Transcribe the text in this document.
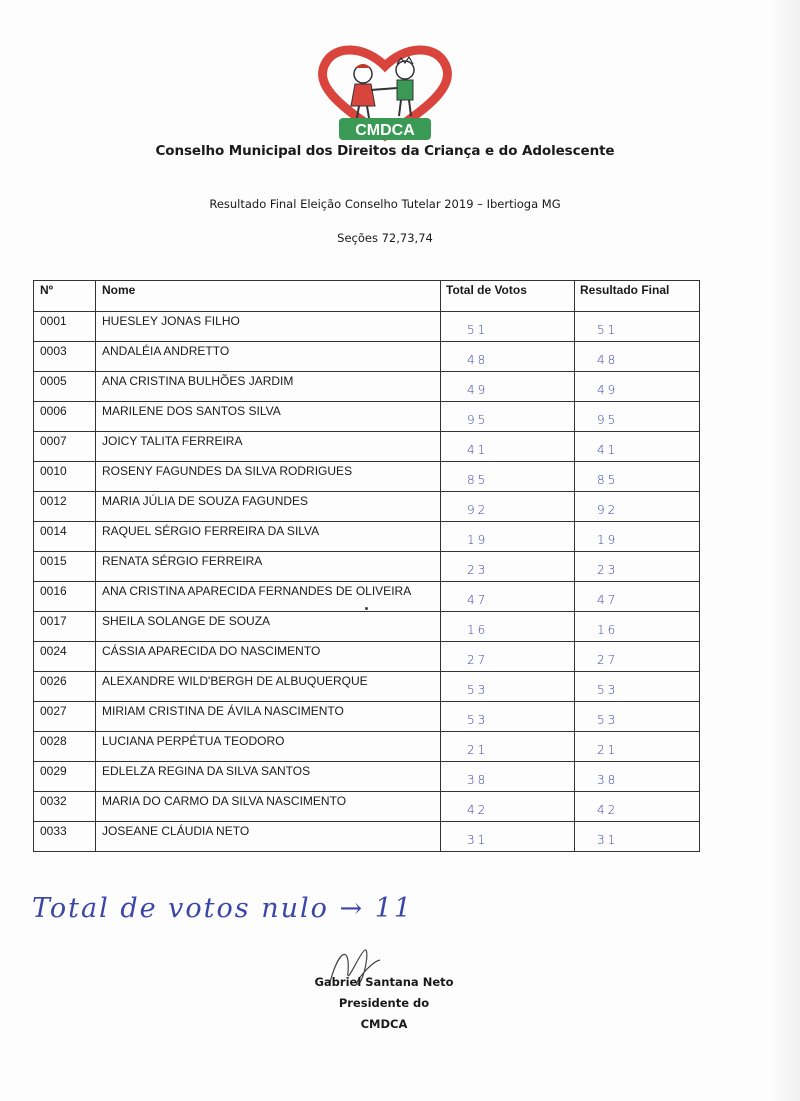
CMDCA
Conselho Municipal dos Direitos da Criança e do Adolescente
Resultado Final Eleição Conselho Tutelar 2019 – Ibertioga MG
Seções 72,73,74
Nº	Nome	Total de Votos	Resultado Final

0001	HUESLEY JONAS FILHO	51	51

0003	ANDALÉIA ANDRETTO	48	48

0005	ANA CRISTINA BULHÕES JARDIM	49	49

0006	MARILENE DOS SANTOS SILVA	95	95

0007	JOICY TALITA FERREIRA	41	41

0010	ROSENY FAGUNDES DA SILVA RODRIGUES	85	85

0012	MARIA JÚLIA DE SOUZA FAGUNDES	92	92

0014	RAQUEL SÉRGIO FERREIRA DA SILVA	19	19

0015	RENATA SÉRGIO FERREIRA	23	23

0016	ANA CRISTINA APARECIDA FERNANDES DE OLIVEIRA	47	47

0017	SHEILA SOLANGE DE SOUZA	16	16

0024	CÁSSIA APARECIDA DO NASCIMENTO	27	27

0026	ALEXANDRE WILD'BERGH DE ALBUQUERQUE	53	53

0027	MIRIAM CRISTINA DE ÁVILA NASCIMENTO	53	53

0028	LUCIANA PERPÉTUA TEODORO	21	21

0029	EDLELZA REGINA DA SILVA SANTOS	38	38

0032	MARIA DO CARMO DA SILVA NASCIMENTO	42	42

0033	JOSEANE CLÁUDIA NETO	31	31
Total de votos nulo → 11
Gabriel Santana Neto
Presidente do CMDCA
